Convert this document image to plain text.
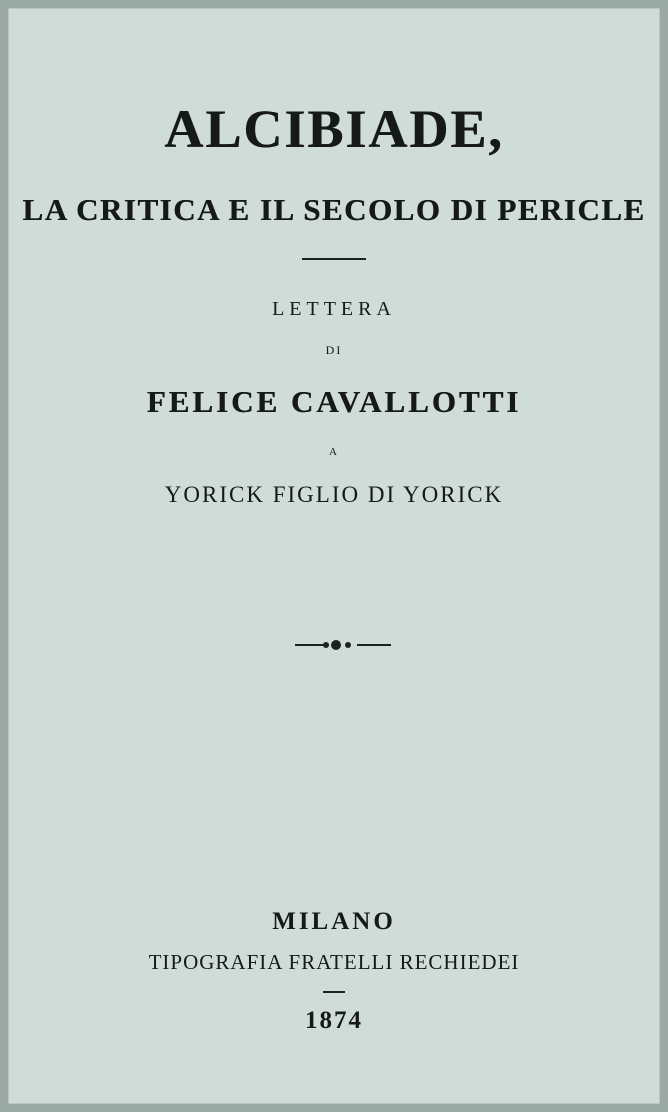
ALCIBIADE,
LA CRITICA E IL SECOLO DI PERICLE
LETTERA
DI
FELICE CAVALLOTTI
A
YORICK FIGLIO DI YORICK
MILANO
TIPOGRAFIA FRATELLI RECHIEDEI
1874
